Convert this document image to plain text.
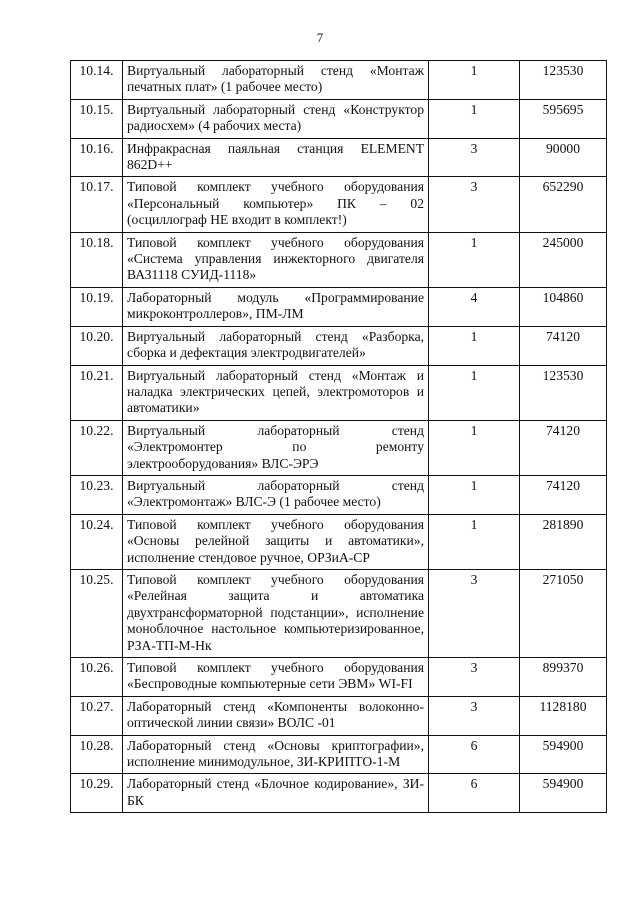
7
10.14.	Виртуальный лабораторный стенд «Монтаж печатных плат» (1 рабочее место)	1	123530
10.15.	Виртуальный лабораторный стенд «Конструктор радиосхем» (4 рабочих места)	1	595695
10.16.	Инфракрасная паяльная станция ELEMENT 862D++	3	90000
10.17.	Типовой комплект учебного оборудования «Персональный компьютер» ПК – 02 (осциллограф НЕ входит в комплект!)	3	652290
10.18.	Типовой комплект учебного оборудования «Система управления инжекторного двигателя ВАЗ1118 СУИД-1118»	1	245000
10.19.	Лабораторный модуль «Программирование микроконтроллеров», ПМ-ЛМ	4	104860
10.20.	Виртуальный лабораторный стенд «Разборка, сборка и дефектация электродвигателей»	1	74120
10.21.	Виртуальный лабораторный стенд «Монтаж и наладка электрических цепей, электромоторов и автоматики»	1	123530
10.22.	Виртуальный лабораторный стенд «Электромонтер по ремонту электрооборудования» ВЛС-ЭРЭ	1	74120
10.23.	Виртуальный лабораторный стенд «Электромонтаж» ВЛС-Э (1 рабочее место)	1	74120
10.24.	Типовой комплект учебного оборудования «Основы релейной защиты и автоматики», исполнение стендовое ручное, ОРЗиА-СР	1	281890
10.25.	Типовой комплект учебного оборудования «Релейная защита и автоматика двухтрансформаторной подстанции», исполнение моноблочное настольное компьютеризированное, РЗА-ТП-М-Нк	3	271050
10.26.	Типовой комплект учебного оборудования «Беспроводные компьютерные сети ЭВМ» WI-FI	3	899370
10.27.	Лабораторный стенд «Компоненты волоконно-оптической линии связи» ВОЛС -01	3	1128180
10.28.	Лабораторный стенд «Основы криптографии», исполнение минимодульное, ЗИ-КРИПТО-1-М	6	594900
10.29.	Лабораторный стенд «Блочное кодирование», ЗИ-БК	6	594900
